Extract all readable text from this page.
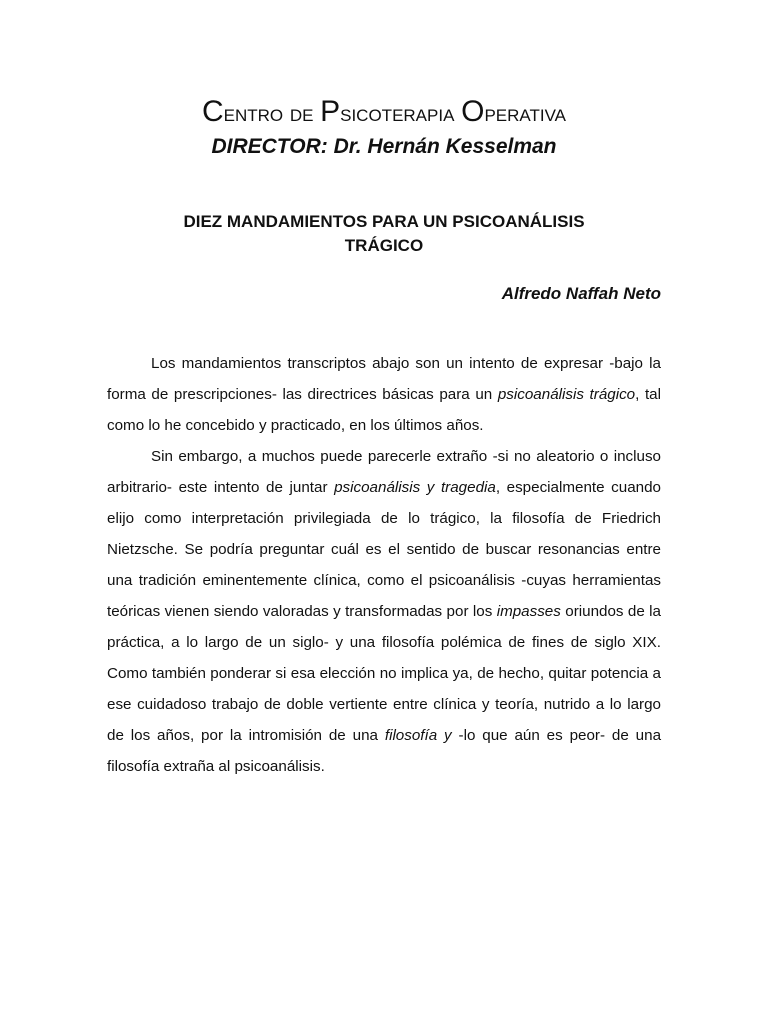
Centro de Psicoterapia Operativa
DIRECTOR: Dr. Hernán Kesselman
DIEZ MANDAMIENTOS PARA UN PSICOANÁLISIS
TRÁGICO
Alfredo Naffah Neto

Los mandamientos transcriptos abajo son un intento de expresar -bajo la forma de prescripciones- las directrices básicas para un psicoanálisis trágico, tal como lo he concebido y practicado, en los últimos años.

Sin embargo, a muchos puede parecerle extraño -si no aleatorio o incluso arbitrario- este intento de juntar psicoanálisis y tragedia, especialmente cuando elijo como interpretación privilegiada de lo trágico, la filosofía de Friedrich Nietzsche. Se podría preguntar cuál es el sentido de buscar resonancias entre una tradición eminentemente clínica, como el psicoanálisis -cuyas herramientas teóricas vienen siendo valoradas y transformadas por los impasses oriundos de la práctica, a lo largo de un siglo- y una filosofía polémica de fines de siglo XIX. Como también ponderar si esa elección no implica ya, de hecho, quitar potencia a ese cuidadoso trabajo de doble vertiente entre clínica y teoría, nutrido a lo largo de los años, por la intromisión de una filosofía y -lo que aún es peor- de una filosofía extraña al psicoanálisis.
